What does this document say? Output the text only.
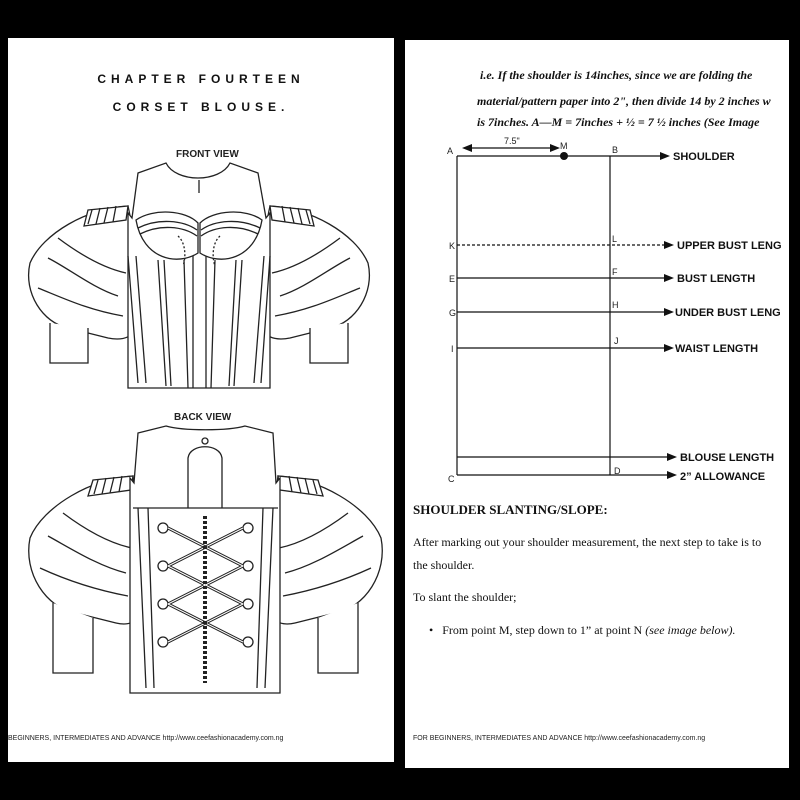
CHAPTER FOURTEEN
CORSET BLOUSE.
FRONT VIEW
BACK VIEW
BEGINNERS, INTERMEDIATES AND ADVANCE http://www.ceefashionacademy.com.ng
i.e. If the shoulder is 14inches, since we are folding the
material/pattern paper into 2", then divide 14 by 2 inches w
is 7inches. A—M = 7inches + ½ = 7 ½ inches (See Image
7.5"
A	M	B
K
L
E
F
G
H
I
J
C
D
SHOULDER
UPPER BUST LENG
BUST LENGTH
UNDER BUST LENG
WAIST LENGTH
BLOUSE LENGTH
2” ALLOWANCE
SHOULDER SLANTING/SLOPE:
After marking out your shoulder measurement, the next step to take is to
the shoulder.
To slant the shoulder;
• From point M, step down to 1” at point N (see image below).
FOR BEGINNERS, INTERMEDIATES AND ADVANCE http://www.ceefashionacademy.com.ng
